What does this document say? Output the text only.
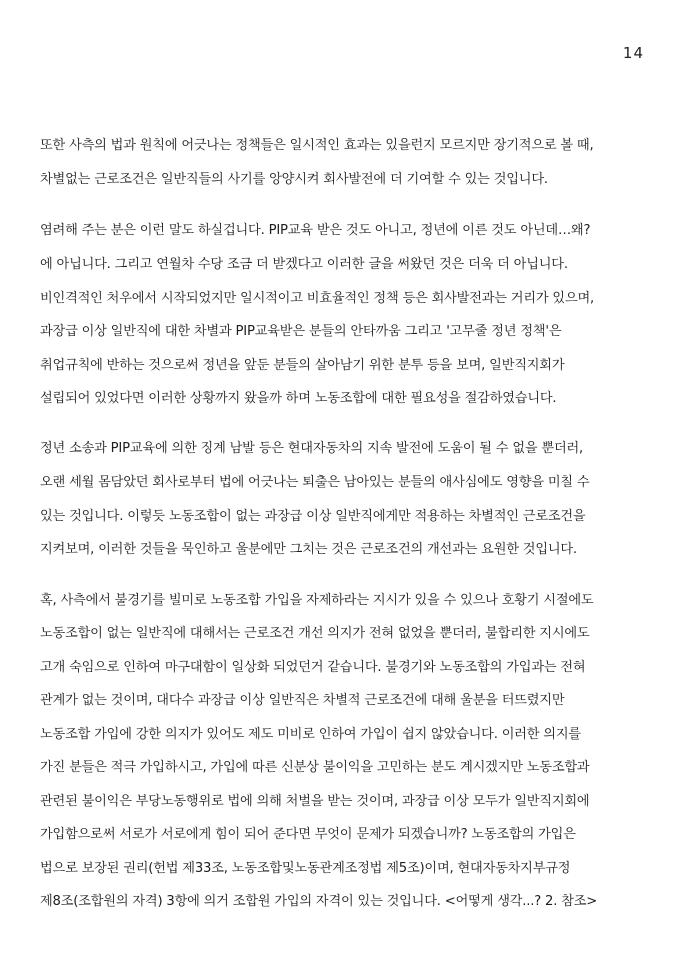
14
또한 사측의 법과 원칙에 어긋나는 정책들은 일시적인 효과는 있을런지 모르지만 장기적으로 볼 때,
차별없는 근로조건은 일반직들의 사기를 앙양시켜 회사발전에 더 기여할 수 있는 것입니다.
염려해 주는 분은 이런 말도 하실겁니다. PIP교육 받은 것도 아니고, 정년에 이른 것도 아닌데…왜?
에 아닙니다. 그리고 연월차 수당 조금 더 받겠다고 이러한 글을 써왔던 것은 더욱 더 아닙니다.
비인격적인 처우에서 시작되었지만 일시적이고 비효율적인 정책 등은 회사발전과는 거리가 있으며,
과장급 이상 일반직에 대한 차별과 PIP교육받은 분들의 안타까움 그리고 '고무줄 정년 정책'은
취업규칙에 반하는 것으로써 정년을 앞둔 분들의 살아남기 위한 분투 등을 보며, 일반직지회가
설립되어 있었다면 이러한 상황까지 왔을까 하며 노동조합에 대한 필요성을 절감하였습니다.
정년 소송과 PIP교육에 의한 징계 남발 등은 현대자동차의 지속 발전에 도움이 될 수 없을 뿐더러,
오랜 세월 몸담았던 회사로부터 법에 어긋나는 퇴출은 남아있는 분들의 애사심에도 영향을 미칠 수
있는 것입니다. 이렇듯 노동조합이 없는 과장급 이상 일반직에게만 적용하는 차별적인 근로조건을
지켜보며, 이러한 것들을 묵인하고 울분에만 그치는 것은 근로조건의 개선과는 요원한 것입니다.
혹, 사측에서 불경기를 빌미로 노동조합 가입을 자제하라는 지시가 있을 수 있으나 호황기 시절에도
노동조합이 없는 일반직에 대해서는 근로조건 개선 의지가 전혀 없었을 뿐더러, 불합리한 지시에도
고개 숙임으로 인하여 마구대함이 일상화 되었던거 같습니다. 불경기와 노동조합의 가입과는 전혀
관계가 없는 것이며, 대다수 과장급 이상 일반직은 차별적 근로조건에 대해 울분을 터뜨렸지만
노동조합 가입에 강한 의지가 있어도 제도 미비로 인하여 가입이 쉽지 않았습니다. 이러한 의지를
가진 분들은 적극 가입하시고, 가입에 따른 신분상 불이익을 고민하는 분도 계시겠지만 노동조합과
관련된 불이익은 부당노동행위로 법에 의해 처벌을 받는 것이며, 과장급 이상 모두가 일반직지회에
가입함으로써 서로가 서로에게 힘이 되어 준다면 무엇이 문제가 되겠습니까? 노동조합의 가입은
법으로 보장된 권리(헌법 제33조, 노동조합및노동관계조정법 제5조)이며, 현대자동차지부규정
제8조(조합원의 자격) 3항에 의거 조합원 가입의 자격이 있는 것입니다. <어떻게 생각...? 2. 참조>
